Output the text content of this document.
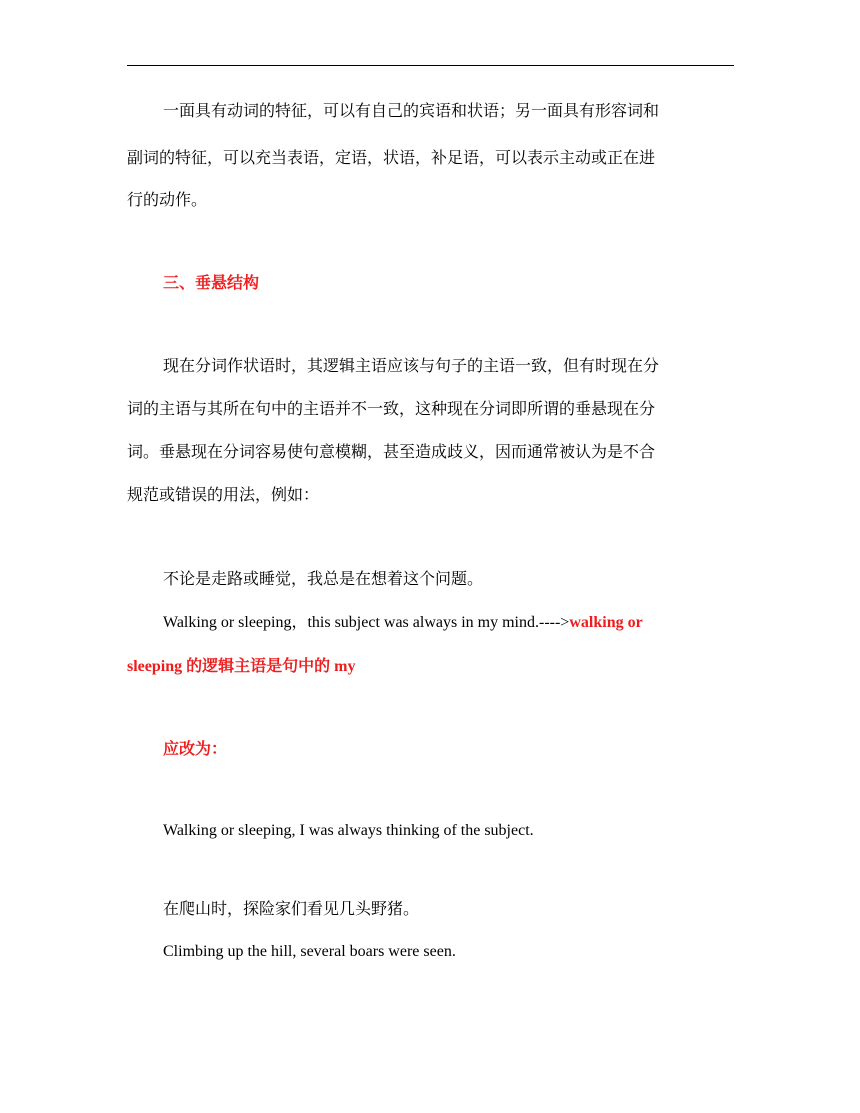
一面具有动词的特征，可以有自己的宾语和状语；另一面具有形容词和
副词的特征，可以充当表语，定语，状语，补足语，可以表示主动或正在进
行的动作。
三、垂悬结构
现在分词作状语时，其逻辑主语应该与句子的主语一致，但有时现在分
词的主语与其所在句中的主语并不一致，这种现在分词即所谓的垂悬现在分
词。垂悬现在分词容易使句意模糊，甚至造成歧义，因而通常被认为是不合
规范或错误的用法，例如：
不论是走路或睡觉，我总是在想着这个问题。
Walking or sleeping，this subject was always in my mind.---->walking or
sleeping 的逻辑主语是句中的 my
应改为：
Walking or sleeping, I was always thinking of the subject.
在爬山时，探险家们看见几头野猪。
Climbing up the hill, several boars were seen.
